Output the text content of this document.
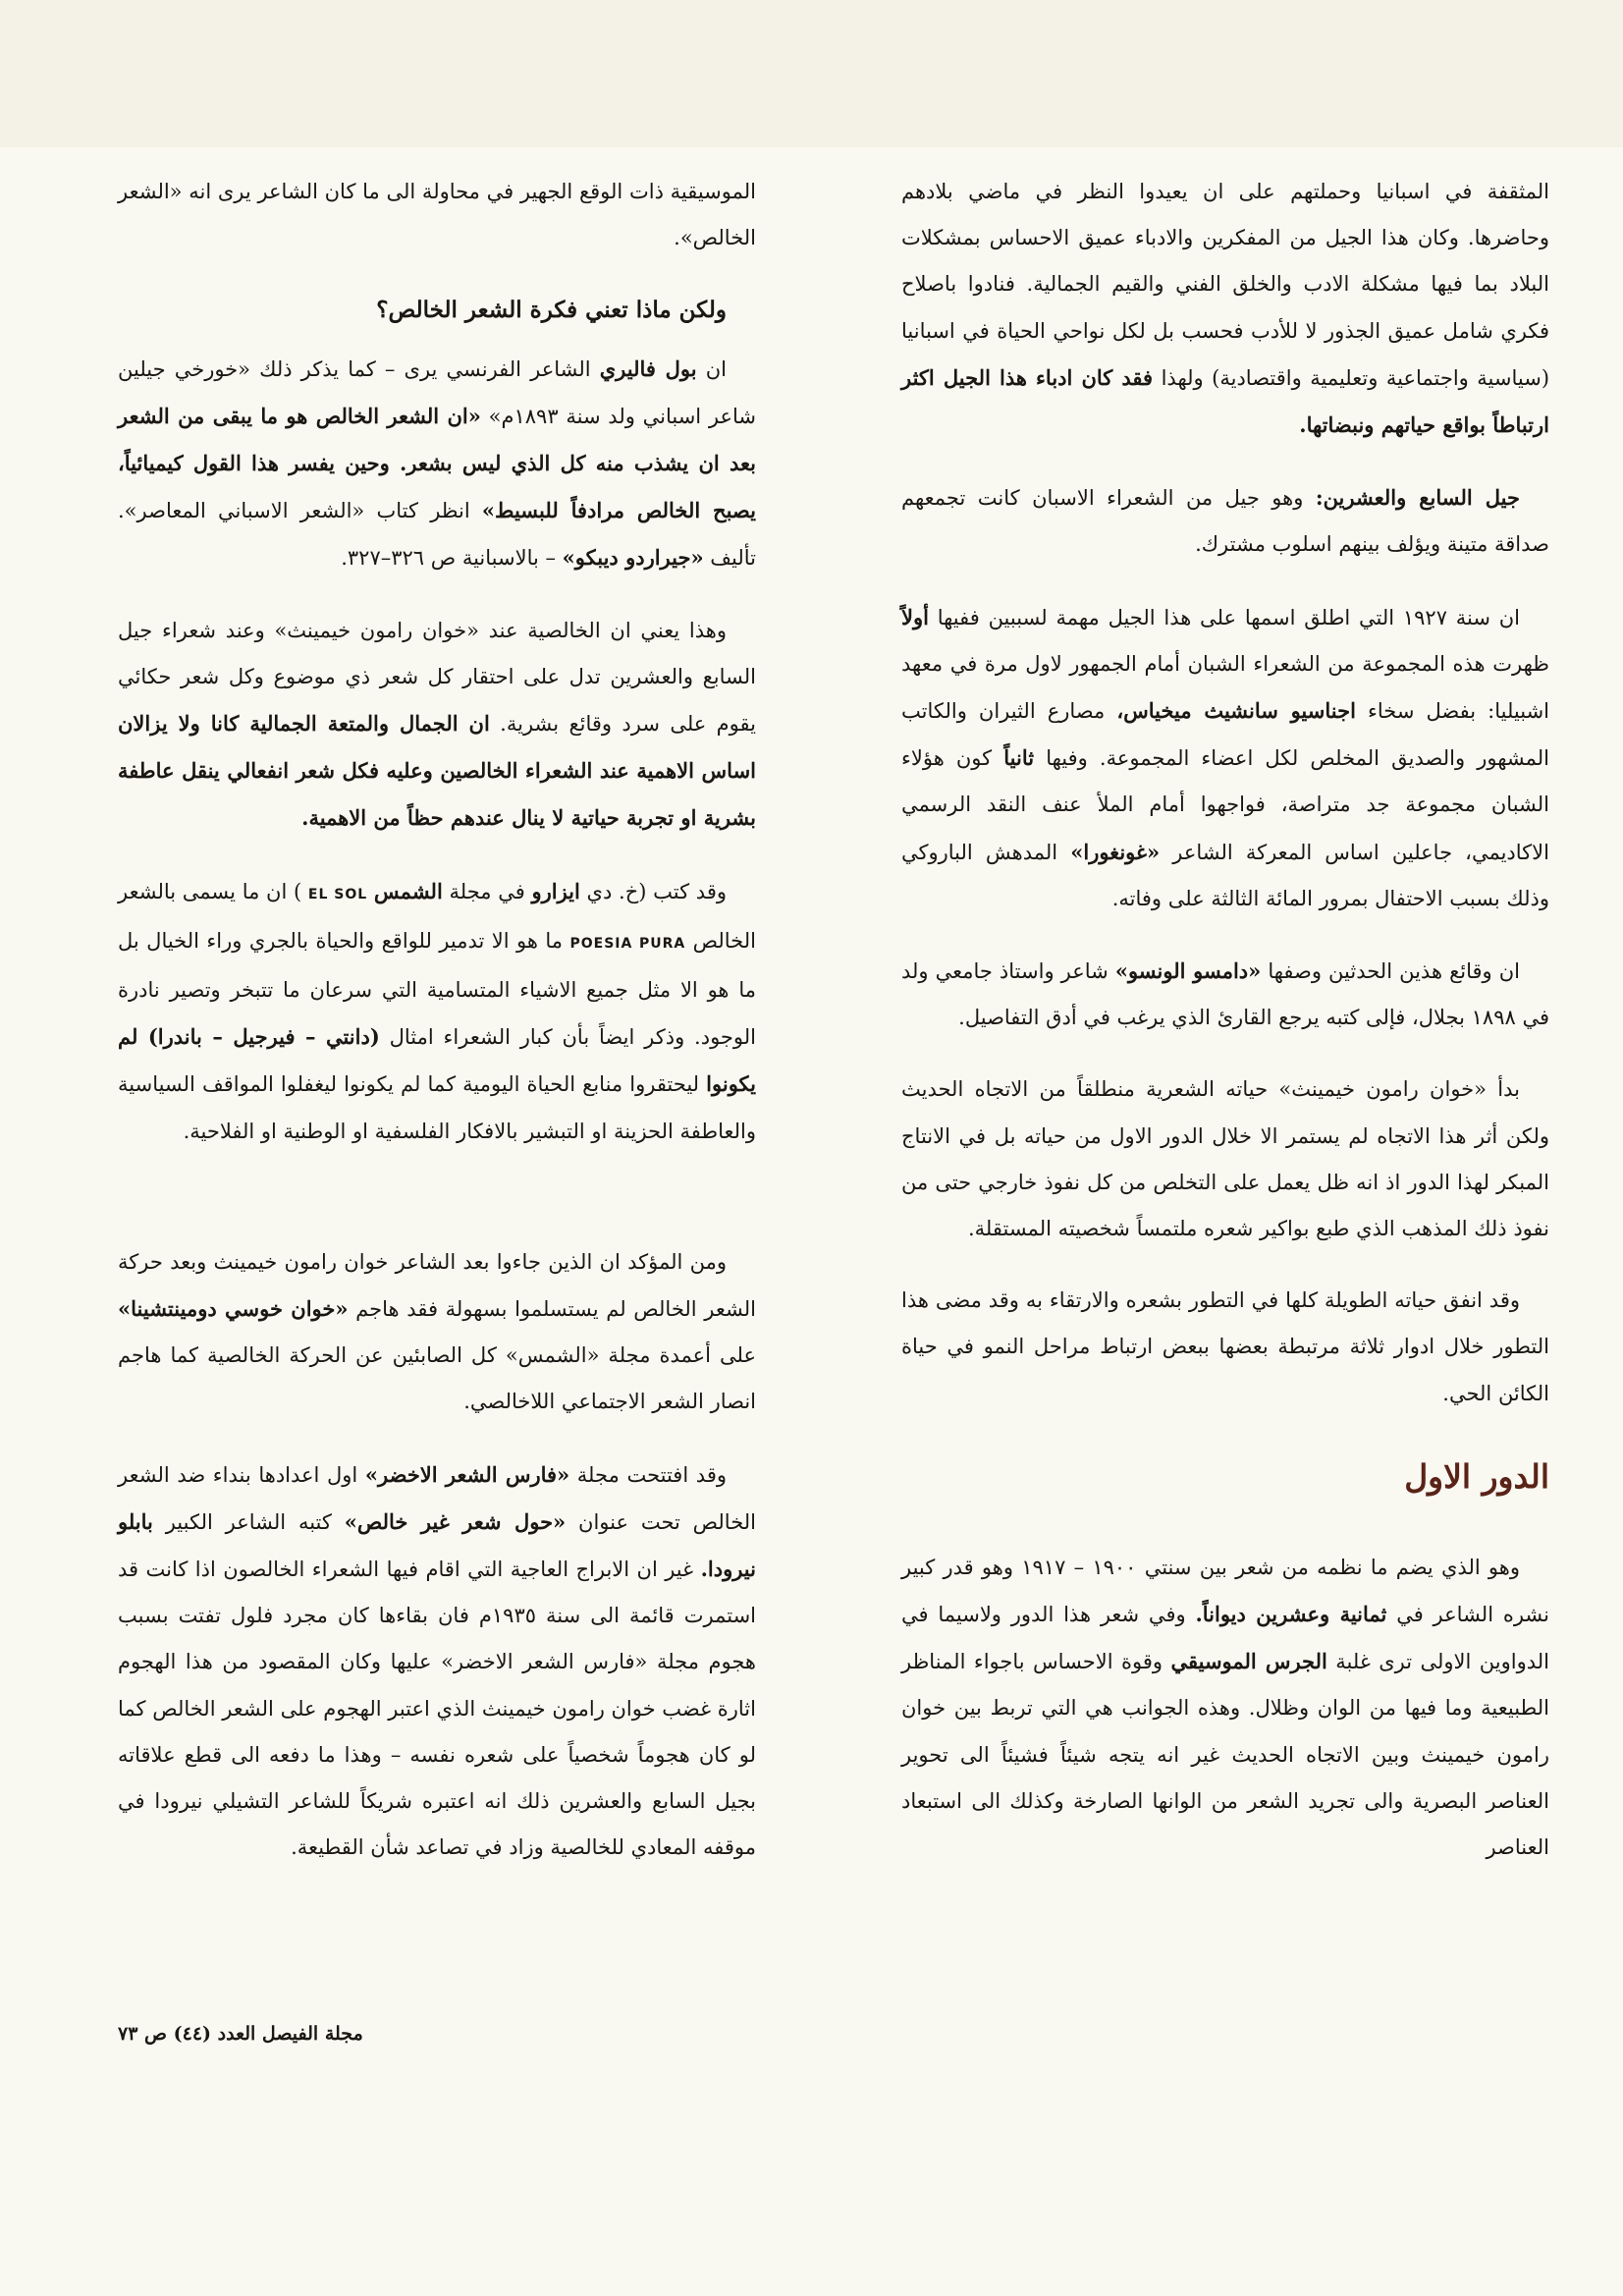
المثقفة في اسبانيا وحملتهم على ان يعيدوا النظر في ماضي بلادهم وحاضرها. وكان هذا الجيل من المفكرين والادباء عميق الاحساس بمشكلات البلاد بما فيها مشكلة الادب والخلق الفني والقيم الجمالية. فنادوا باصلاح فكري شامل عميق الجذور لا للأدب فحسب بل لكل نواحي الحياة في اسبانيا (سياسية واجتماعية وتعليمية واقتصادية) ولهذا فقد كان ادباء هذا الجيل اكثر ارتباطاً بواقع حياتهم ونبضاتها.

جيل السابع والعشرين: وهو جيل من الشعراء الاسبان كانت تجمعهم صداقة متينة ويؤلف بينهم اسلوب مشترك.

ان سنة ١٩٢٧ التي اطلق اسمها على هذا الجيل مهمة لسببين ففيها أولاً ظهرت هذه المجموعة من الشعراء الشبان أمام الجمهور لاول مرة في معهد اشبيليا: بفضل سخاء اجناسيو سانشيث ميخياس، مصارع الثيران والكاتب المشهور والصديق المخلص لكل اعضاء المجموعة. وفيها ثانياً كون هؤلاء الشبان مجموعة جد متراصة، فواجهوا أمام الملأ عنف النقد الرسمي الاكاديمي، جاعلين اساس المعركة الشاعر «غونغورا» المدهش الباروكي وذلك بسبب الاحتفال بمرور المائة الثالثة على وفاته.

ان وقائع هذين الحدثين وصفها «دامسو الونسو» شاعر واستاذ جامعي ولد في ١٨٩٨ بجلال، فإلى كتبه يرجع القارئ الذي يرغب في أدق التفاصيل.

بدأ «خوان رامون خيمينث» حياته الشعرية منطلقاً من الاتجاه الحديث ولكن أثر هذا الاتجاه لم يستمر الا خلال الدور الاول من حياته بل في الانتاج المبكر لهذا الدور اذ انه ظل يعمل على التخلص من كل نفوذ خارجي حتى من نفوذ ذلك المذهب الذي طبع بواكير شعره ملتمساً شخصيته المستقلة.

وقد انفق حياته الطويلة كلها في التطور بشعره والارتقاء به وقد مضى هذا التطور خلال ادوار ثلاثة مرتبطة بعضها ببعض ارتباط مراحل النمو في حياة الكائن الحي.

الدور الاول

وهو الذي يضم ما نظمه من شعر بين سنتي ١٩٠٠ – ١٩١٧ وهو قدر كبير نشره الشاعر في ثمانية وعشرين ديواناً. وفي شعر هذا الدور ولاسيما في الدواوين الاولى ترى غلبة الجرس الموسيقي وقوة الاحساس باجواء المناظر الطبيعية وما فيها من الوان وظلال. وهذه الجوانب هي التي تربط بين خوان رامون خيمينث وبين الاتجاه الحديث غير انه يتجه شيئاً فشيئاً الى تحوير العناصر البصرية والى تجريد الشعر من الوانها الصارخة وكذلك الى استبعاد العناصر

الموسيقية ذات الوقع الجهير في محاولة الى ما كان الشاعر يرى انه «الشعر الخالص».

ولكن ماذا تعني فكرة الشعر الخالص؟

ان بول فاليري الشاعر الفرنسي يرى – كما يذكر ذلك «خورخي جيلين شاعر اسباني ولد سنة ١٨٩٣م» «ان الشعر الخالص هو ما يبقى من الشعر بعد ان يشذب منه كل الذي ليس بشعر. وحين يفسر هذا القول كيميائياً، يصبح الخالص مرادفاً للبسيط» انظر كتاب «الشعر الاسباني المعاصر». تأليف «جيراردو ديبكو» – بالاسبانية ص ٣٢٦–٣٢٧.

وهذا يعني ان الخالصية عند «خوان رامون خيمينث» وعند شعراء جيل السابع والعشرين تدل على احتقار كل شعر ذي موضوع وكل شعر حكائي يقوم على سرد وقائع بشرية. ان الجمال والمتعة الجمالية كانا ولا يزالان اساس الاهمية عند الشعراء الخالصين وعليه فكل شعر انفعالي ينقل عاطفة بشرية او تجربة حياتية لا ينال عندهم حظاً من الاهمية.

وقد كتب (خ. دي ايزارو في مجلة الشمس EL SOL ) ان ما يسمى بالشعر الخالص POESIA PURA ما هو الا تدمير للواقع والحياة بالجري وراء الخيال بل ما هو الا مثل جميع الاشياء المتسامية التي سرعان ما تتبخر وتصير نادرة الوجود. وذكر ايضاً بأن كبار الشعراء امثال (دانتي – فيرجيل – باندرا) لم يكونوا ليحتقروا منابع الحياة اليومية كما لم يكونوا ليغفلوا المواقف السياسية والعاطفة الحزينة او التبشير بالافكار الفلسفية او الوطنية او الفلاحية.

ومن المؤكد ان الذين جاءوا بعد الشاعر خوان رامون خيمينث وبعد حركة الشعر الخالص لم يستسلموا بسهولة فقد هاجم «خوان خوسي دومينتشينا» على أعمدة مجلة «الشمس» كل الصابئين عن الحركة الخالصية كما هاجم انصار الشعر الاجتماعي اللاخالصي.

وقد افتتحت مجلة «فارس الشعر الاخضر» اول اعدادها بنداء ضد الشعر الخالص تحت عنوان «حول شعر غير خالص» كتبه الشاعر الكبير بابلو نيرودا. غير ان الابراج العاجية التي اقام فيها الشعراء الخالصون اذا كانت قد استمرت قائمة الى سنة ١٩٣٥م فان بقاءها كان مجرد فلول تفتت بسبب هجوم مجلة «فارس الشعر الاخضر» عليها وكان المقصود من هذا الهجوم اثارة غضب خوان رامون خيمينث الذي اعتبر الهجوم على الشعر الخالص كما لو كان هجوماً شخصياً على شعره نفسه – وهذا ما دفعه الى قطع علاقاته بجيل السابع والعشرين ذلك انه اعتبره شريكاً للشاعر التشيلي نيرودا في موقفه المعادي للخالصية وزاد في تصاعد شأن القطيعة.

مجلة الفيصل العدد (٤٤) ص ٧٣
